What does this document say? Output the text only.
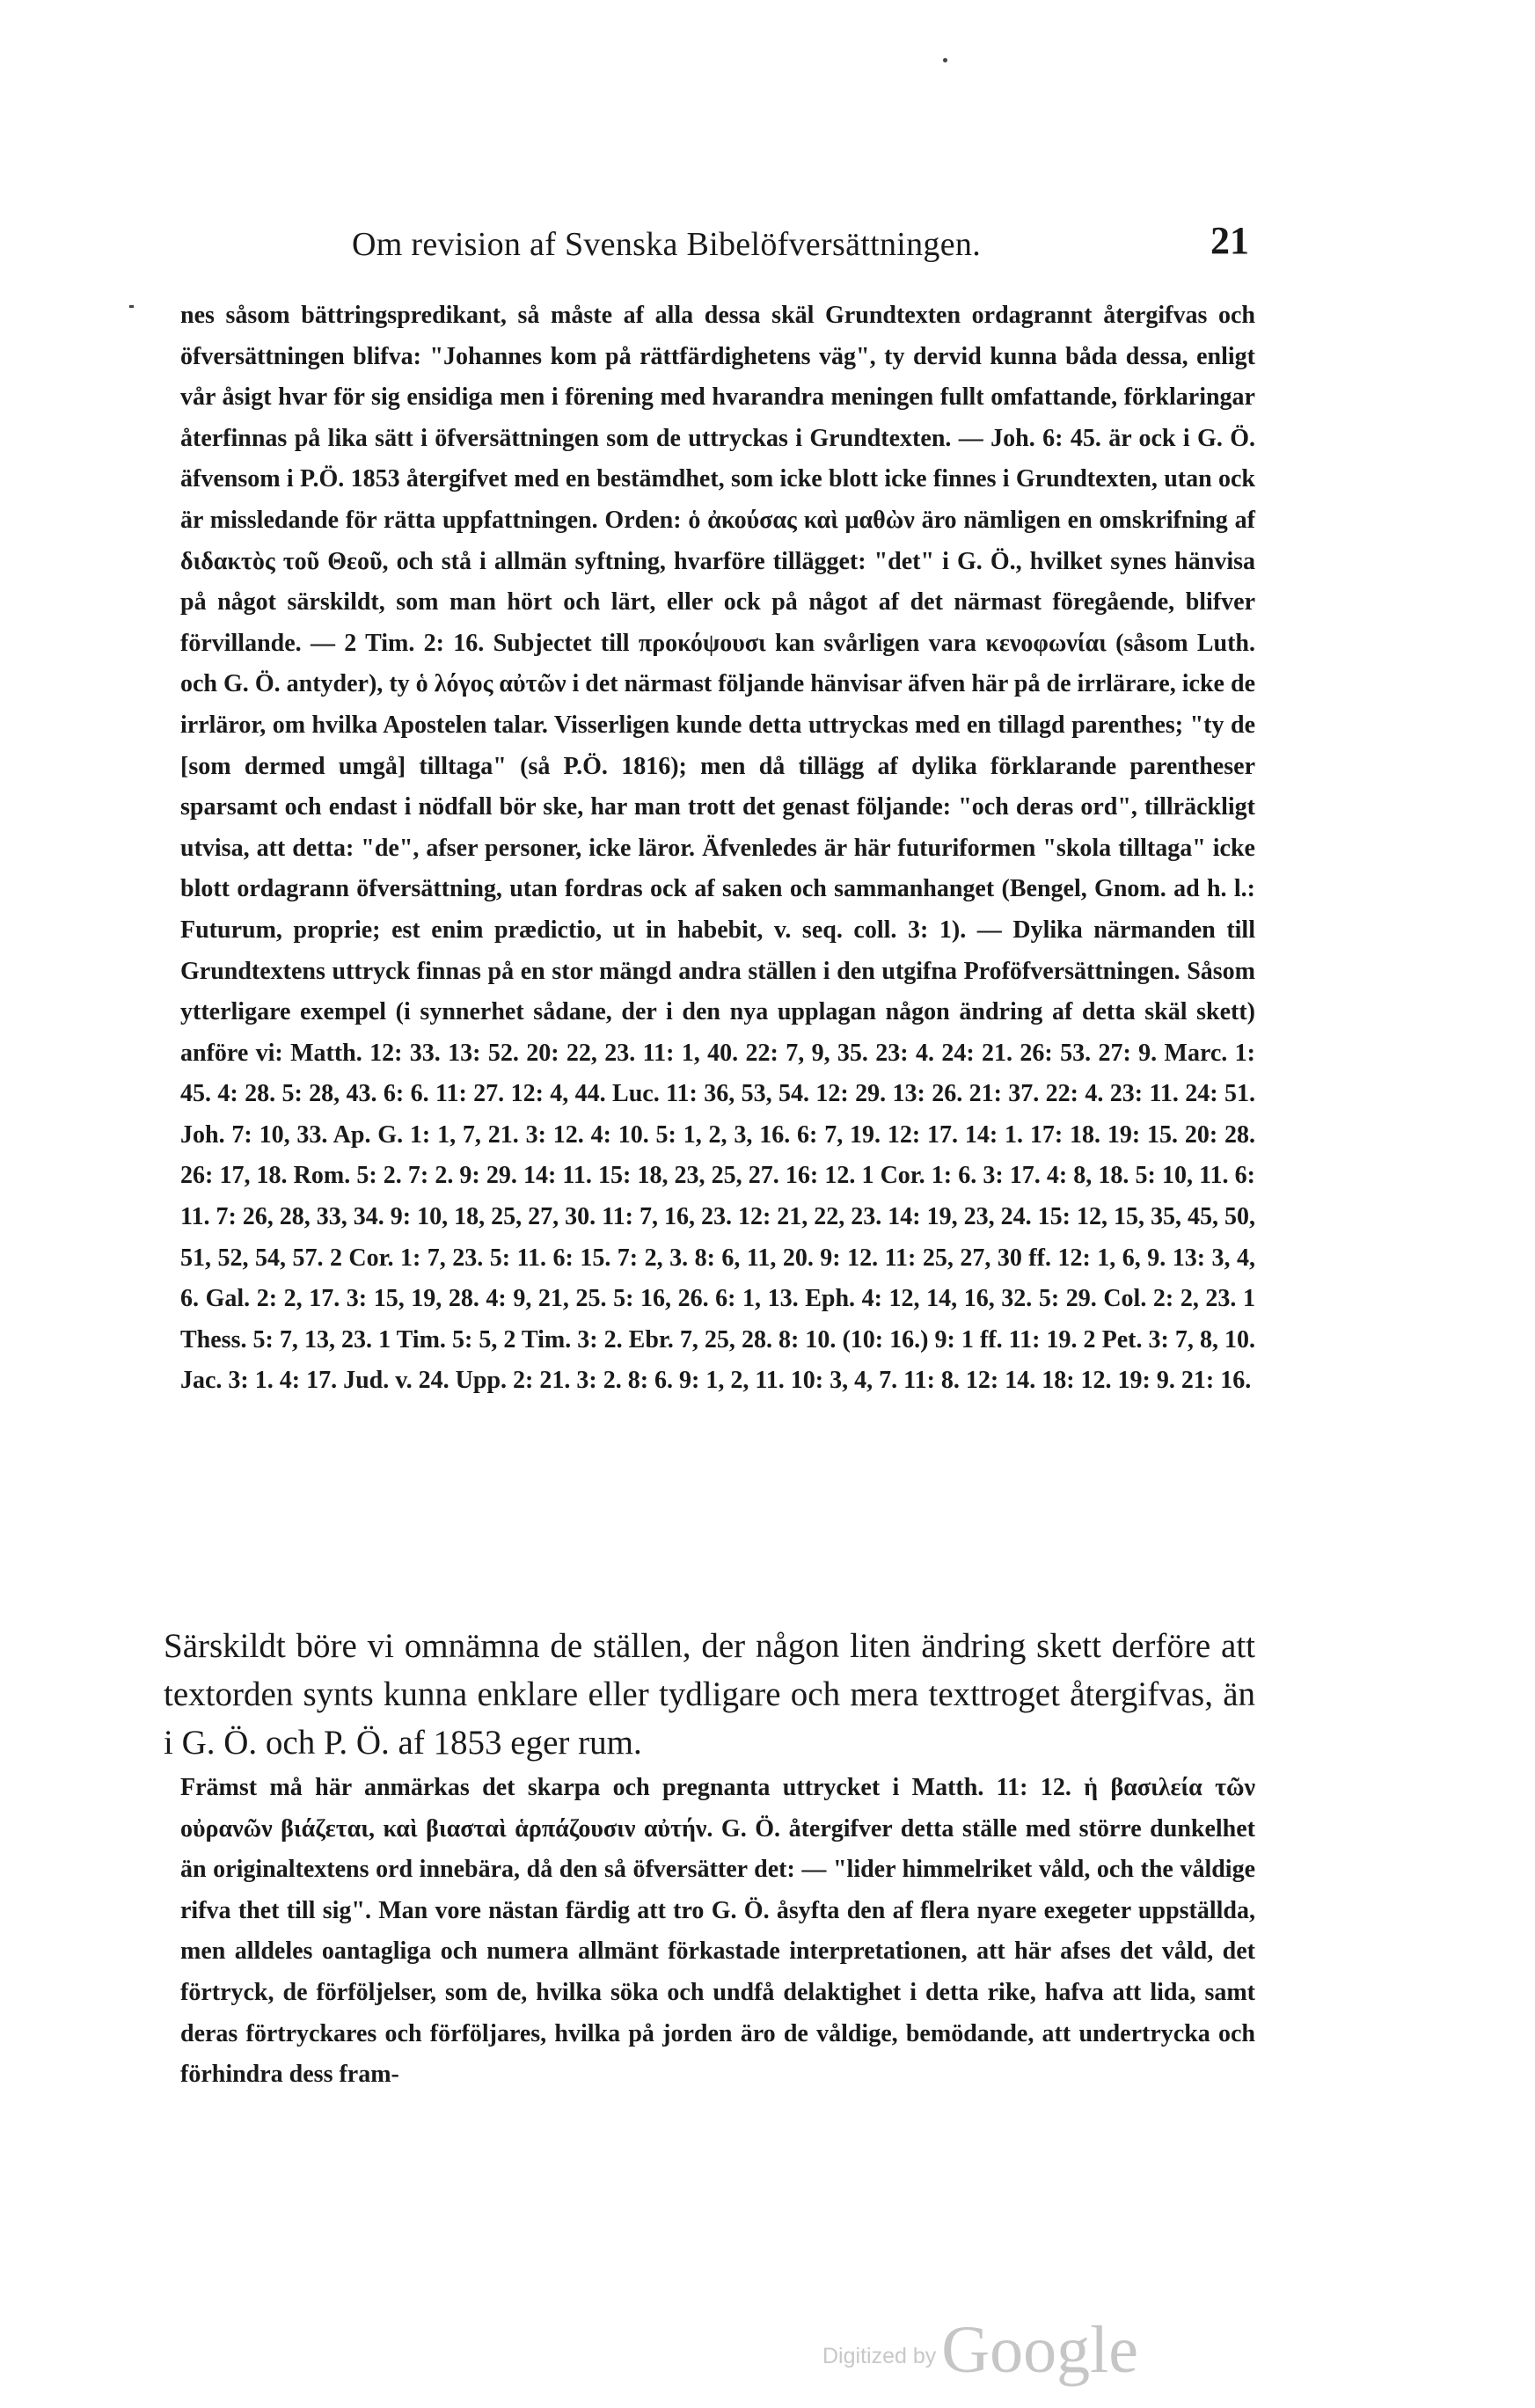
Om revision af Svenska Bibelöfversättningen.	21
nes såsom bättringspredikant, så måste af alla dessa skäl Grundtexten ordagrannt återgifvas och öfversättningen blifva: "Johannes kom på rättfärdighetens väg", ty dervid kunna båda dessa, enligt vår åsigt hvar för sig ensidiga men i förening med hvarandra meningen fullt omfattande, förklaringar återfinnas på lika sätt i öfversättningen som de uttryckas i Grundtexten. — Joh. 6: 45. är ock i G. Ö. äfvensom i P.Ö. 1853 återgifvet med en bestämdhet, som icke blott icke finnes i Grundtexten, utan ock är missledande för rätta uppfattningen. Orden: ὁ ἀκούσας καὶ μαθὼν äro nämligen en omskrifning af διδακτὸς τοῦ Θεοῦ, och stå i allmän syftning, hvarföre tillägget: "det" i G. Ö., hvilket synes hänvisa på något särskildt, som man hört och lärt, eller ock på något af det närmast föregående, blifver förvillande. — 2 Tim. 2: 16. Subjectet till προκόψουσι kan svårligen vara κενοφωνίαι (såsom Luth. och G. Ö. antyder), ty ὁ λόγος αὐτῶν i det närmast följande hänvisar äfven här på de irrlärare, icke de irrläror, om hvilka Apostelen talar. Visserligen kunde detta uttryckas med en tillagd parenthes; "ty de [som dermed umgå] tilltaga" (så P.Ö. 1816); men då tillägg af dylika förklarande parentheser sparsamt och endast i nödfall bör ske, har man trott det genast följande: "och deras ord", tillräckligt utvisa, att detta: "de", afser personer, icke läror. Äfvenledes är här futuriformen "skola tilltaga" icke blott ordagrann öfversättning, utan fordras ock af saken och sammanhanget (Bengel, Gnom. ad h. l.: Futurum, proprie; est enim prædictio, ut in habebit, v. seq. coll. 3: 1). — Dylika närmanden till Grundtextens uttryck finnas på en stor mängd andra ställen i den utgifna Proföfversättningen. Såsom ytterligare exempel (i synnerhet sådane, der i den nya upplagan någon ändring af detta skäl skett) anföre vi: Matth. 12: 33. 13: 52. 20: 22, 23. 11: 1, 40. 22: 7, 9, 35. 23: 4. 24: 21. 26: 53. 27: 9. Marc. 1: 45. 4: 28. 5: 28, 43. 6: 6. 11: 27. 12: 4, 44. Luc. 11: 36, 53, 54. 12: 29. 13: 26. 21: 37. 22: 4. 23: 11. 24: 51. Joh. 7: 10, 33. Ap. G. 1: 1, 7, 21. 3: 12. 4: 10. 5: 1, 2, 3, 16. 6: 7, 19. 12: 17. 14: 1. 17: 18. 19: 15. 20: 28. 26: 17, 18. Rom. 5: 2. 7: 2. 9: 29. 14: 11. 15: 18, 23, 25, 27. 16: 12. 1 Cor. 1: 6. 3: 17. 4: 8, 18. 5: 10, 11. 6: 11. 7: 26, 28, 33, 34. 9: 10, 18, 25, 27, 30. 11: 7, 16, 23. 12: 21, 22, 23. 14: 19, 23, 24. 15: 12, 15, 35, 45, 50, 51, 52, 54, 57. 2 Cor. 1: 7, 23. 5: 11. 6: 15. 7: 2, 3. 8: 6, 11, 20. 9: 12. 11: 25, 27, 30 ff. 12: 1, 6, 9. 13: 3, 4, 6. Gal. 2: 2, 17. 3: 15, 19, 28. 4: 9, 21, 25. 5: 16, 26. 6: 1, 13. Eph. 4: 12, 14, 16, 32. 5: 29. Col. 2: 2, 23. 1 Thess. 5: 7, 13, 23. 1 Tim. 5: 5, 2 Tim. 3: 2. Ebr. 7, 25, 28. 8: 10. (10: 16.) 9: 1 ff. 11: 19. 2 Pet. 3: 7, 8, 10. Jac. 3: 1. 4: 17. Jud. v. 24. Upp. 2: 21. 3: 2. 8: 6. 9: 1, 2, 11. 10: 3, 4, 7. 11: 8. 12: 14. 18: 12. 19: 9. 21: 16.
Särskildt böre vi omnämna de ställen, der någon liten ändring skett derföre att textorden synts kunna enklare eller tydligare och mera texttroget återgifvas, än i G. Ö. och P. Ö. af 1853 eger rum.
Främst må här anmärkas det skarpa och pregnanta uttrycket i Matth. 11: 12. ἡ βασιλεία τῶν οὐρανῶν βιάζεται, καὶ βιασταὶ ἁρπάζουσιν αὐτήν. G. Ö. återgifver detta ställe med större dunkelhet än originaltextens ord innebära, då den så öfversätter det: — "lider himmelriket våld, och the våldige rifva thet till sig". Man vore nästan färdig att tro G. Ö. åsyfta den af flera nyare exegeter uppställda, men alldeles oantagliga och numera allmänt förkastade interpretationen, att här afses det våld, det förtryck, de förföljelser, som de, hvilka söka och undfå delaktighet i detta rike, hafva att lida, samt deras förtryckares och förföljares, hvilka på jorden äro de våldige, bemödande, att undertrycka och förhindra dess fram-
Digitized by Google
